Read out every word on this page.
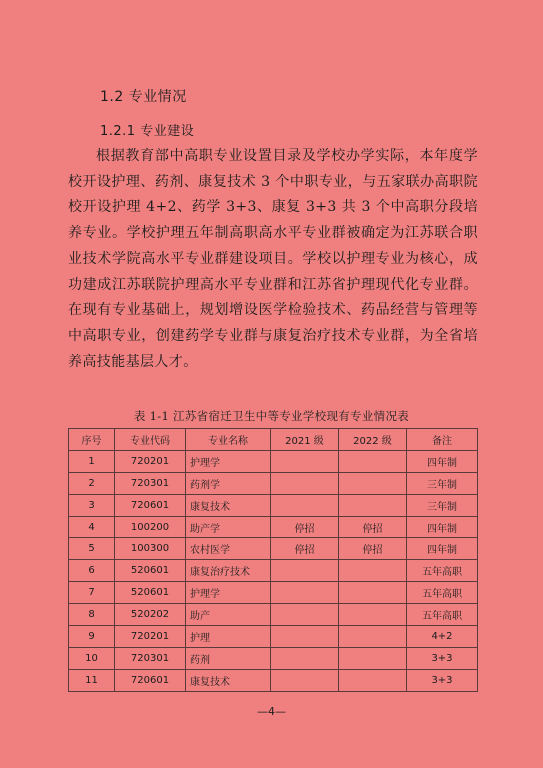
1.2 专业情况
1.2.1 专业建设

根据教育部中高职专业设置目录及学校办学实际，本年度学校开设护理、药剂、康复技术 3 个中职专业，与五家联办高职院校开设护理 4+2、药学 3+3、康复 3+3 共 3 个中高职分段培养专业。学校护理五年制高职高水平专业群被确定为江苏联合职业技术学院高水平专业群建设项目。学校以护理专业为核心，成功建成江苏联院护理高水平专业群和江苏省护理现代化专业群。在现有专业基础上，规划增设医学检验技术、药品经营与管理等中高职专业，创建药学专业群与康复治疗技术专业群，为全省培养高技能基层人才。

表 1-1 江苏省宿迁卫生中等专业学校现有专业情况表
序号	专业代码	专业名称	2021 级	2022 级	备注
1	720201	护理学			四年制
2	720301	药剂学			三年制
3	720601	康复技术			三年制
4	100200	助产学	停招	停招	四年制
5	100300	农村医学	停招	停招	四年制
6	520601	康复治疗技术			五年高职
7	520601	护理学			五年高职
8	520202	助产			五年高职
9	720201	护理			4+2
10	720301	药剂			3+3
11	720601	康复技术			3+3
—4—
